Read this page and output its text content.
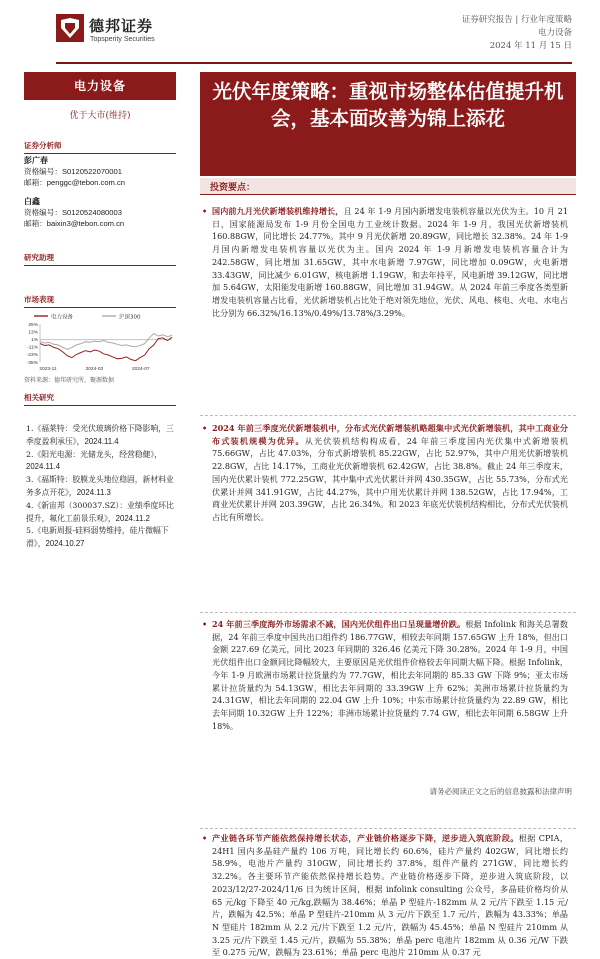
德邦证券
Topsperity Securities
证券研究报告 | 行业年度策略
电力设备
2024 年 11 月 15 日
电力设备
优于大市(维持)
证券分析师
彭广春
资格编号：S0120522070001
邮箱：penggc@tebon.com.cn
白鑫
资格编号：S0120524080003
邮箱：baixin3@tebon.com.cn
研究助理
市场表现
电力设备	沪深300
25%
13%
1%
-11%
-23%
-35%
2023-11	2024-03	2024-07
资料来源：德邦研究所，聚源数据
相关研究
1.《福莱特：受光伏玻璃价格下降影响，三季度盈利承压》，2024.11.4
2.《阳光电源：光储龙头，经营稳健》，2024.11.4
3.《福斯特：胶膜龙头地位稳固，新材料业务多点开花》，2024.11.3
4.《新宙邦（300037.SZ）：业绩季度环比提升，氟化工前景乐观》，2024.11.2
5.《电新周报-硅料弱势维持，硅片微幅下滑》，2024.10.27
光伏年度策略：重视市场整体估值提升机会，基本面改善为锦上添花
投资要点：
• 国内前九月光伏新增装机维持增长，且 24 年 1-9 月国内新增发电装机容量以光伏为主。10 月 21 日，国家能源局发布 1-9 月份全国电力工业统计数据。2024 年 1-9 月，我国光伏新增装机 160.88GW，同比增长 24.77%。其中 9 月光伏新增 20.89GW，同比增长 32.38%。24 年 1-9 月国内新增发电装机容量以光伏为主。国内 2024 年 1-9 月新增发电装机容量合计为 242.58GW，同比增加 31.65GW，其中水电新增 7.97GW，同比增加 0.09GW，火电新增 33.43GW，同比减少 6.01GW，核电新增 1.19GW，和去年持平，风电新增 39.12GW，同比增加 5.64GW，太阳能发电新增 160.88GW，同比增加 31.94GW。从 2024 年前三季度各类型新增发电装机容量占比看，光伏新增装机占比处于绝对领先地位，光伏、风电、核电、火电、水电占比分别为 66.32%/16.13%/0.49%/13.78%/3.29%。
• 2024 年前三季度光伏新增装机中，分布式光伏新增装机略超集中式光伏新增装机，其中工商业分布式装机规模为优异。从光伏装机结构构成看，24 年前三季度国内光伏集中式新增装机 75.66GW，占比 47.03%，分布式新增装机 85.22GW，占比 52.97%，其中户用光伏新增装机 22.8GW，占比 14.17%，工商业光伏新增装机 62.42GW，占比 38.8%。截止 24 年三季度末，国内光伏累计装机 772.25GW，其中集中式光伏累计并网 430.35GW，占比 55.73%，分布式光伏累计并网 341.91GW，占比 44.27%，其中户用光伏累计并网 138.52GW，占比 17.94%，工商业光伏累计并网 203.39GW，占比 26.34%。和 2023 年底光伏装机结构相比，分布式光伏装机占比有所增长。
• 24 年前三季度海外市场需求不减，国内光伏组件出口呈现量增价跌。根据 Infolink 和海关总署数据，24 年前三季度中国共出口组件约 186.77GW，相较去年同期 157.65GW 上升 18%，但出口金额 227.69 亿美元，同比 2023 年同期的 326.46 亿美元下降 30.28%。2024 年 1-9 月，中国光伏组件出口金额同比降幅较大，主要原因是光伏组件价格较去年同期大幅下降。根据 Infolink，今年 1-9 月欧洲市场累计拉货量约为 77.7GW，相比去年同期的 85.33 GW 下降 9%；亚太市场累计拉货量约为 54.13GW，相比去年同期的 33.39GW 上升 62%；美洲市场累计拉货量约为 24.31GW，相比去年同期的 22.04 GW 上升 10%；中东市场累计拉货量约为 22.89 GW，相比去年同期 10.32GW 上升 122%；非洲市场累计拉货量约 7.74 GW，相比去年同期 6.58GW 上升 18%。
• 产业链各环节产能依然保持增长状态，产业链价格逐步下降，逆步进入筑底阶段。根据 CPIA，24H1 国内多晶硅产量约 106 万吨，同比增长约 60.6%，硅片产量约 402GW，同比增长约 58.9%，电池片产量约 310GW，同比增长约 37.8%，组件产量约 271GW，同比增长约 32.2%。各主要环节产能依然保持增长趋势。产业链价格逐步下降，逆步进入筑底阶段，以 2023/12/27-2024/11/6 日为统计区间，根据 infolink consulting 公众号，多晶硅价格均价从 65 元/kg 下降至 40 元/kg,跌幅为 38.46%；单晶 P 型硅片-182mm 从 2 元/片下跌至 1.15 元/片，跌幅为 42.5%；单晶 P 型硅片-210mm 从 3 元/片下跌至 1.7 元/片，跌幅为 43.33%；单晶 N 型硅片 182mm 从 2.2 元/片下跌至 1.2 元/片，跌幅为 45.45%；单晶 N 型硅片 210mm 从 3.25 元/片下跌至 1.45 元/片，跌幅为 55.38%；单晶 perc 电池片 182mm 从 0.36 元/W 下跌至 0.275 元/W，跌幅为 23.61%；单晶 perc 电池片 210mm 从 0.37 元
请务必阅读正文之后的信息披露和法律声明
